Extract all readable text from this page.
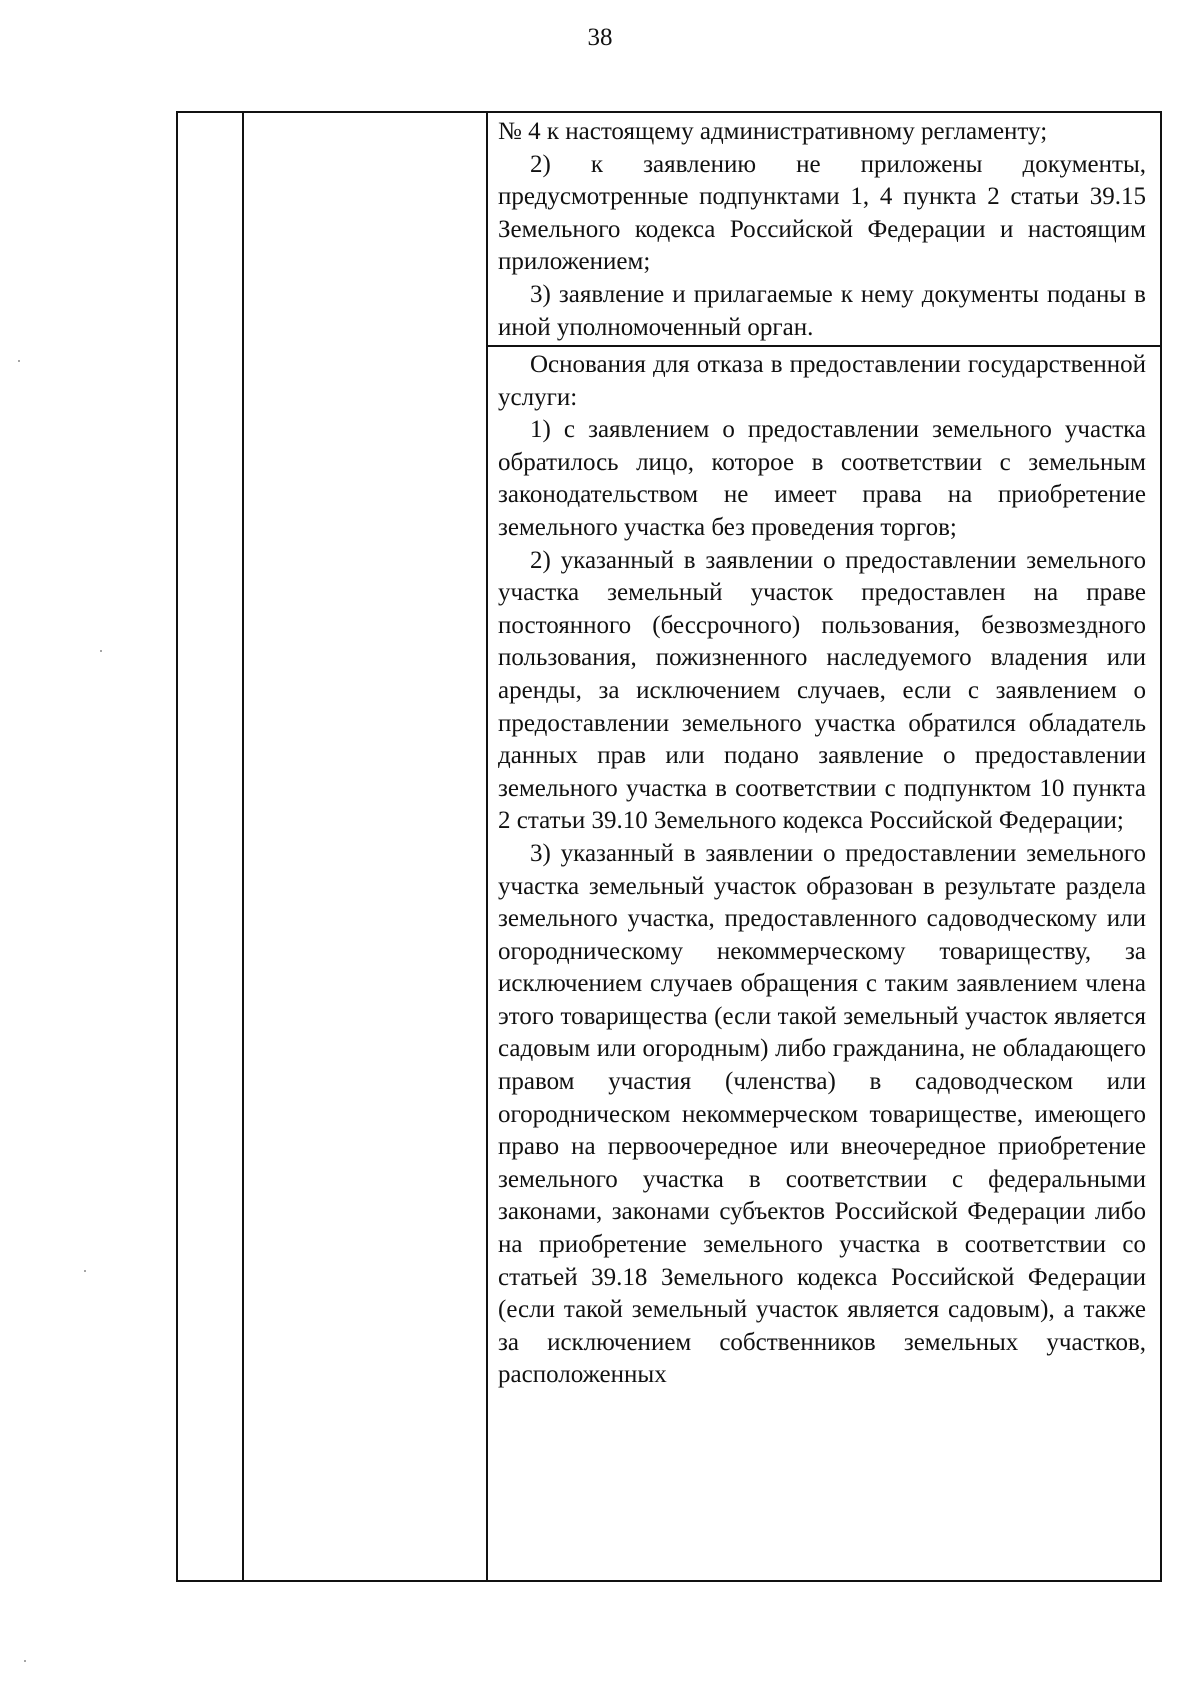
38

№ 4 к настоящему административному регламенту;

2) к заявлению не приложены документы, предусмотренные подпунктами 1, 4 пункта 2 статьи 39.15 Земельного кодекса Российской Федерации и настоящим приложением;

3) заявление и прилагаемые к нему документы поданы в иной уполномоченный орган.

Основания для отказа в предоставлении государственной услуги:

1) с заявлением о предоставлении земельного участка обратилось лицо, которое в соответствии с земельным законодательством не имеет права на приобретение земельного участка без проведения торгов;

2) указанный в заявлении о предоставлении земельного участка земельный участок предоставлен на праве постоянного (бессрочного) пользования, безвозмездного пользования, пожизненного наследуемого владения или аренды, за исключением случаев, если с заявлением о предоставлении земельного участка обратился обладатель данных прав или подано заявление о предоставлении земельного участка в соответствии с подпунктом 10 пункта 2 статьи 39.10 Земельного кодекса Российской Федерации;

3) указанный в заявлении о предоставлении земельного участка земельный участок образован в результате раздела земельного участка, предоставленного садоводческому или огородническому некоммерческому товариществу, за исключением случаев обращения с таким заявлением члена этого товарищества (если такой земельный участок является садовым или огородным) либо гражданина, не обладающего правом участия (членства) в садоводческом или огородническом некоммерческом товариществе, имеющего право на первоочередное или внеочередное приобретение земельного участка в соответствии с федеральными законами, законами субъектов Российской Федерации либо на приобретение земельного участка в соответствии со статьей 39.18 Земельного кодекса Российской Федерации (если такой земельный участок является садовым), а также за исключением собственников земельных участков, расположенных
